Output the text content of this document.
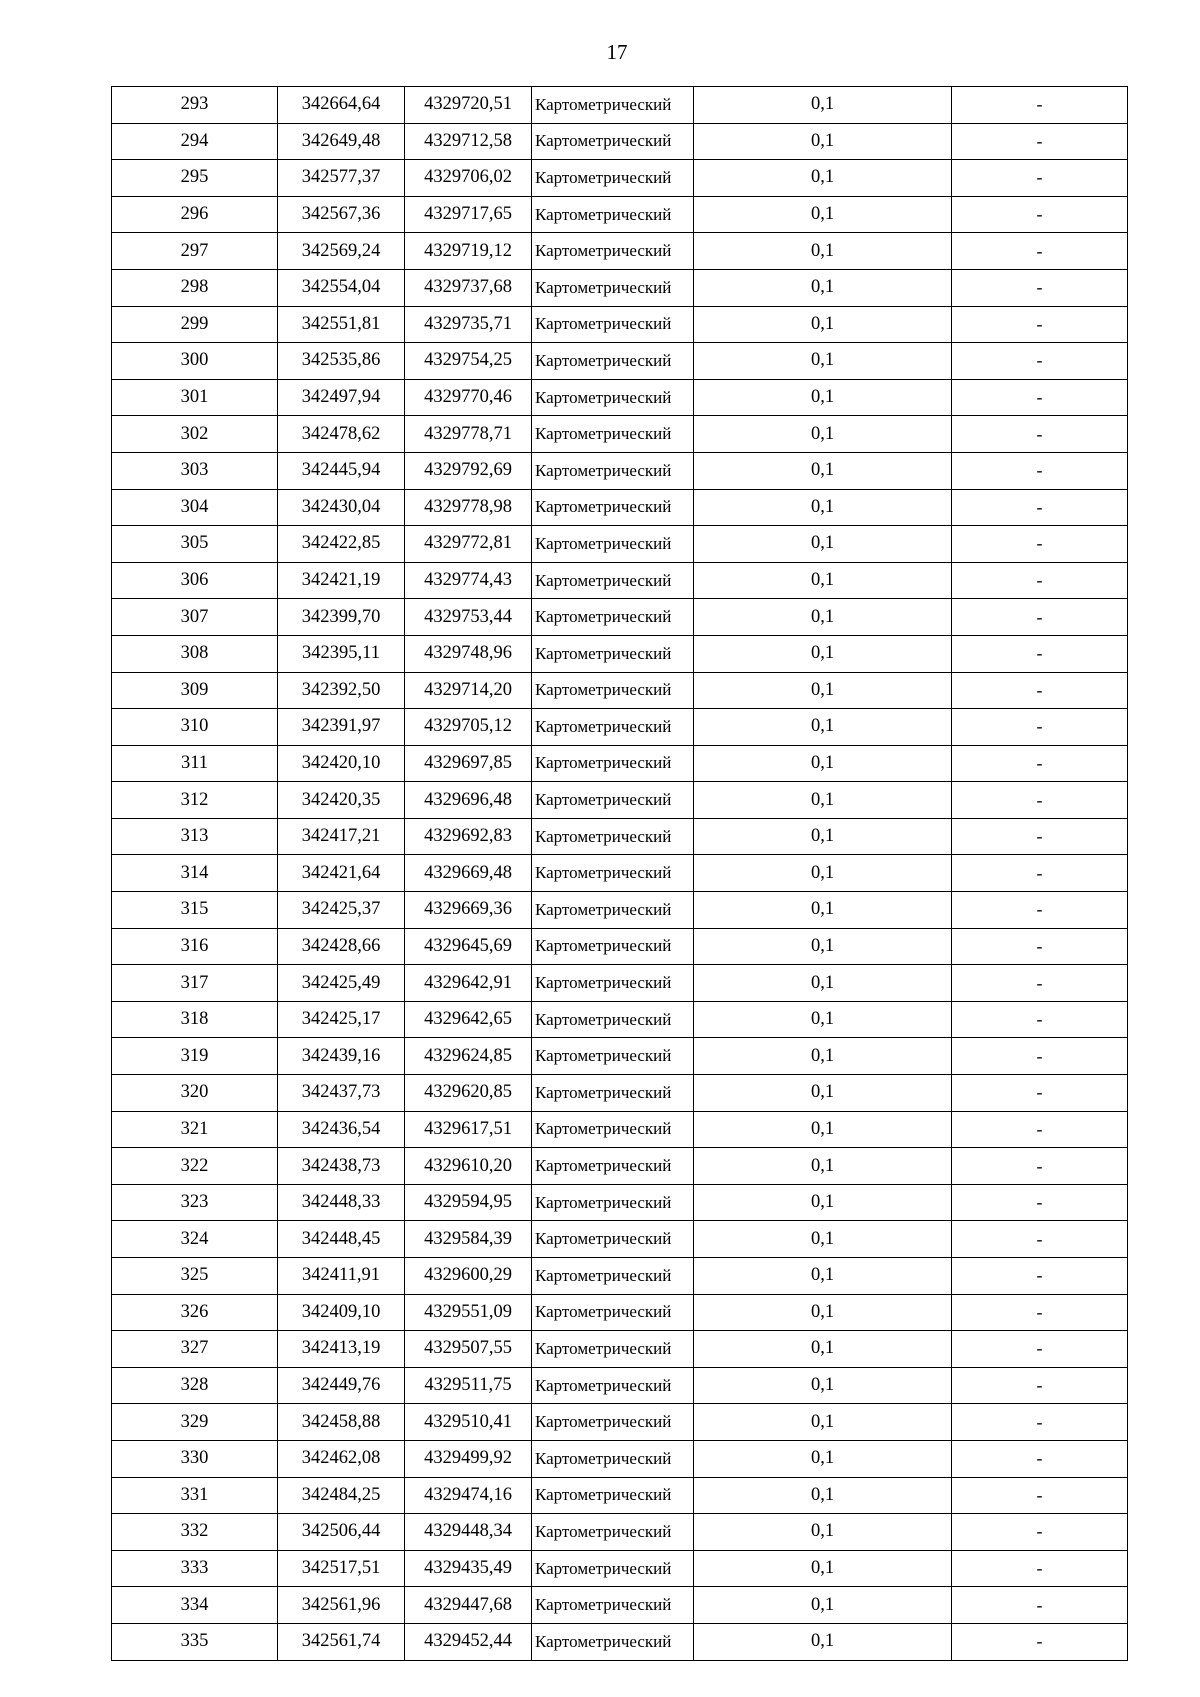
17
293	342664,64	4329720,51	Картометрический	0,1	-
294	342649,48	4329712,58	Картометрический	0,1	-
295	342577,37	4329706,02	Картометрический	0,1	-
296	342567,36	4329717,65	Картометрический	0,1	-
297	342569,24	4329719,12	Картометрический	0,1	-
298	342554,04	4329737,68	Картометрический	0,1	-
299	342551,81	4329735,71	Картометрический	0,1	-
300	342535,86	4329754,25	Картометрический	0,1	-
301	342497,94	4329770,46	Картометрический	0,1	-
302	342478,62	4329778,71	Картометрический	0,1	-
303	342445,94	4329792,69	Картометрический	0,1	-
304	342430,04	4329778,98	Картометрический	0,1	-
305	342422,85	4329772,81	Картометрический	0,1	-
306	342421,19	4329774,43	Картометрический	0,1	-
307	342399,70	4329753,44	Картометрический	0,1	-
308	342395,11	4329748,96	Картометрический	0,1	-
309	342392,50	4329714,20	Картометрический	0,1	-
310	342391,97	4329705,12	Картометрический	0,1	-
311	342420,10	4329697,85	Картометрический	0,1	-
312	342420,35	4329696,48	Картометрический	0,1	-
313	342417,21	4329692,83	Картометрический	0,1	-
314	342421,64	4329669,48	Картометрический	0,1	-
315	342425,37	4329669,36	Картометрический	0,1	-
316	342428,66	4329645,69	Картометрический	0,1	-
317	342425,49	4329642,91	Картометрический	0,1	-
318	342425,17	4329642,65	Картометрический	0,1	-
319	342439,16	4329624,85	Картометрический	0,1	-
320	342437,73	4329620,85	Картометрический	0,1	-
321	342436,54	4329617,51	Картометрический	0,1	-
322	342438,73	4329610,20	Картометрический	0,1	-
323	342448,33	4329594,95	Картометрический	0,1	-
324	342448,45	4329584,39	Картометрический	0,1	-
325	342411,91	4329600,29	Картометрический	0,1	-
326	342409,10	4329551,09	Картометрический	0,1	-
327	342413,19	4329507,55	Картометрический	0,1	-
328	342449,76	4329511,75	Картометрический	0,1	-
329	342458,88	4329510,41	Картометрический	0,1	-
330	342462,08	4329499,92	Картометрический	0,1	-
331	342484,25	4329474,16	Картометрический	0,1	-
332	342506,44	4329448,34	Картометрический	0,1	-
333	342517,51	4329435,49	Картометрический	0,1	-
334	342561,96	4329447,68	Картометрический	0,1	-
335	342561,74	4329452,44	Картометрический	0,1	-
